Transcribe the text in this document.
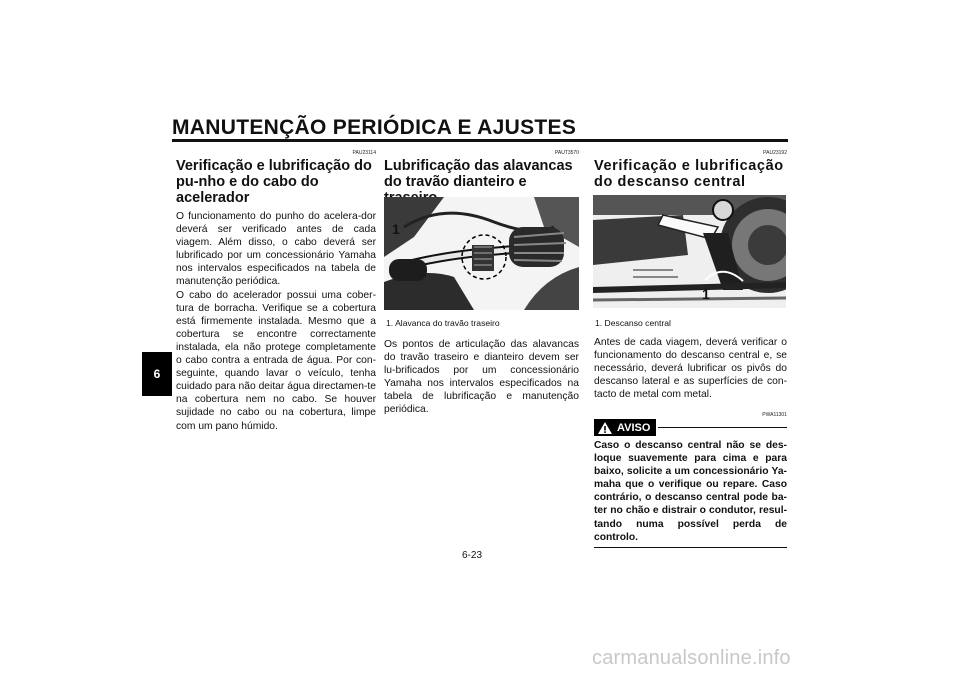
MANUTENÇÃO PERIÓDICA E AJUSTES
6
PAU23114
Verificação e lubrificação do pu-nho e do cabo do acelerador

O funcionamento do punho do acelera-dor deverá ser verificado antes de cada viagem. Além disso, o cabo deverá ser lubrificado por um concessionário Yamaha nos intervalos especificados na tabela de manutenção periódica.
O cabo do acelerador possui uma cober-tura de borracha. Verifique se a cobertura está firmemente instalada. Mesmo que a cobertura se encontre correctamente instalada, ela não protege completamente o cabo contra a entrada de água. Por con-seguinte, quando lavar o veículo, tenha cuidado para não deitar água directamen-te na cobertura nem no cabo. Se houver sujidade no cabo ou na cobertura, limpe com um pano húmido.

PAUT3570
Lubrificação das alavancas do travão dianteiro e
1
1. Alavanca do travão traseiro

Os pontos de articulação das alavancas do travão traseiro e dianteiro devem ser lu-brificados por um concessionário Yamaha nos intervalos especificados na tabela de lubrificação e manutenção periódica.

PAU23192
Verificação e lubrificação do descanso central
1
1. Descanso central

Antes de cada viagem, deverá verificar o funcionamento do descanso central e, se necessário, deverá lubrificar os pivôs do descanso lateral e as superfícies de con-tacto de metal com metal.

PWA11301
AVISO

Caso o descanso central não se des-loque suavemente para cima e para baixo, solicite a um concessionário Ya-maha que o verifique ou repare. Caso contrário, o descanso central pode ba-ter no chão e distrair o condutor, resul-tando numa possível perda de controlo.

6-23
carmanualsonline.info
